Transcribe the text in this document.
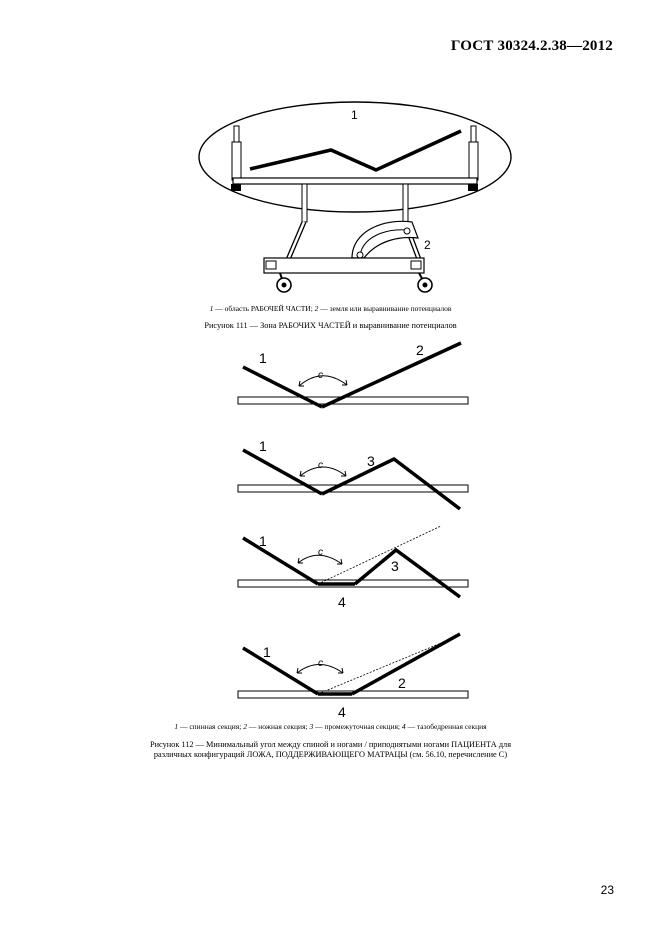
ГОСТ 30324.2.38—2012
1
2
1	2
c
1
3
c
1
3
4
c
1
2
4
c
1 — область РАБОЧЕЙ ЧАСТИ; 2 — земля или выравнивание потенциалов
Рисунок 111 — Зона РАБОЧИХ ЧАСТЕЙ и выравнивание потенциалов
1 — спинная секция; 2 — ножная секция; 3 — промежуточная секция; 4 — тазобедренная секция
Рисунок 112 — Минимальный угол между спиной и ногами / приподнятыми ногами ПАЦИЕНТА для
различных конфигураций ЛОЖА, ПОДДЕРЖИВАЮЩЕГО МАТРАЦЫ (см. 56.10, перечисление С)
23
